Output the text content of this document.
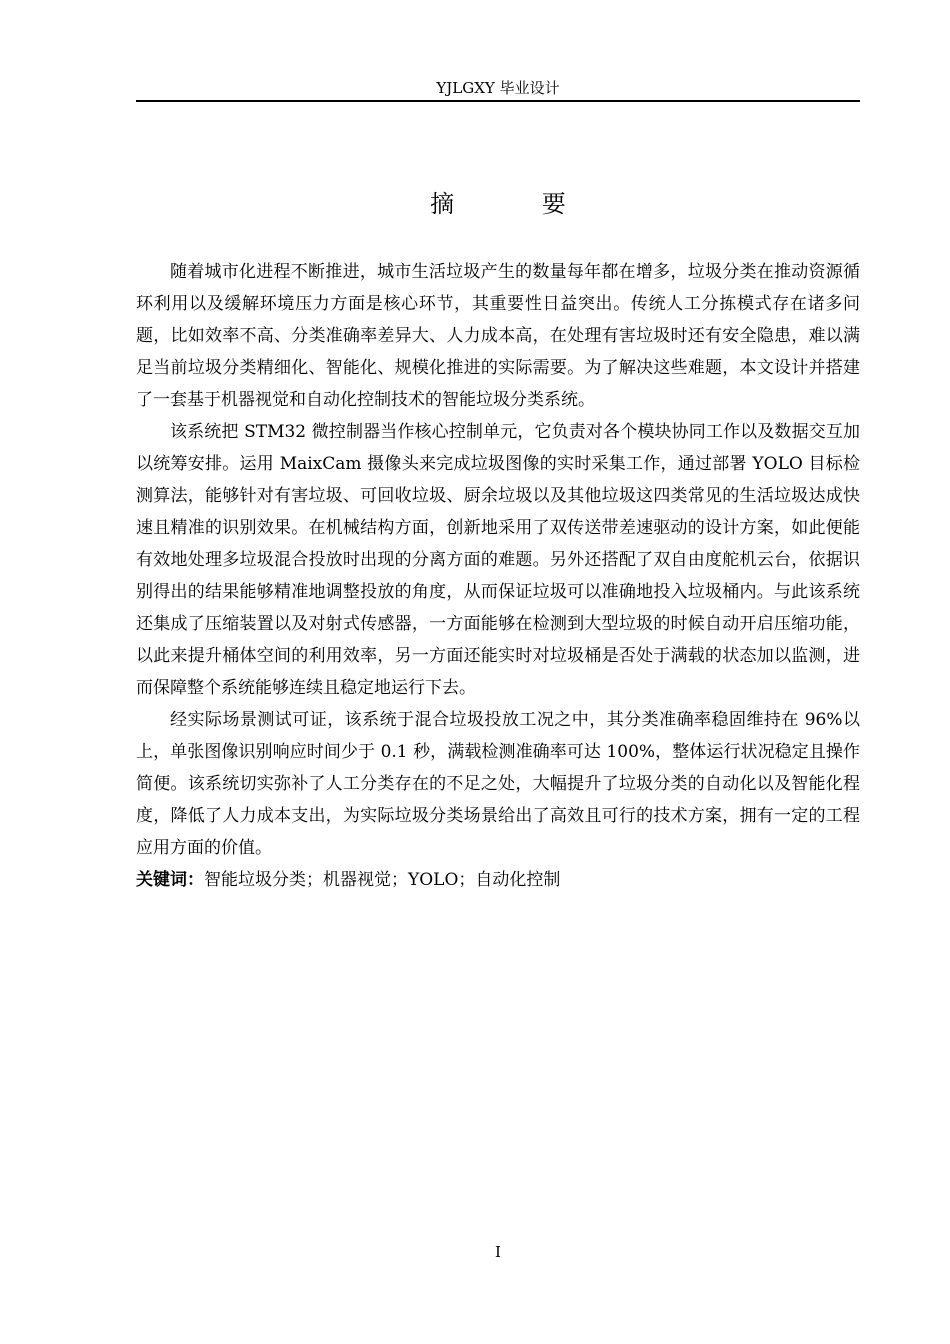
YJLGXY 毕业设计
摘 要

随着城市化进程不断推进，城市生活垃圾产生的数量每年都在增多，垃圾分类在推动资源循环利用以及缓解环境压力方面是核心环节，其重要性日益突出。传统人工分拣模式存在诸多问题，比如效率不高、分类准确率差异大、人力成本高，在处理有害垃圾时还有安全隐患，难以满足当前垃圾分类精细化、智能化、规模化推进的实际需要。为了解决这些难题，本文设计并搭建了一套基于机器视觉和自动化控制技术的智能垃圾分类系统。

该系统把 STM32 微控制器当作核心控制单元，它负责对各个模块协同工作以及数据交互加以统筹安排。运用 MaixCam 摄像头来完成垃圾图像的实时采集工作，通过部署 YOLO 目标检测算法，能够针对有害垃圾、可回收垃圾、厨余垃圾以及其他垃圾这四类常见的生活垃圾达成快速且精准的识别效果。在机械结构方面，创新地采用了双传送带差速驱动的设计方案，如此便能有效地处理多垃圾混合投放时出现的分离方面的难题。另外还搭配了双自由度舵机云台，依据识别得出的结果能够精准地调整投放的角度，从而保证垃圾可以准确地投入垃圾桶内。与此该系统还集成了压缩装置以及对射式传感器，一方面能够在检测到大型垃圾的时候自动开启压缩功能，以此来提升桶体空间的利用效率，另一方面还能实时对垃圾桶是否处于满载的状态加以监测，进而保障整个系统能够连续且稳定地运行下去。

经实际场景测试可证，该系统于混合垃圾投放工况之中，其分类准确率稳固维持在 96%以上，单张图像识别响应时间少于 0.1 秒，满载检测准确率可达 100%，整体运行状况稳定且操作简便。该系统切实弥补了人工分类存在的不足之处，大幅提升了垃圾分类的自动化以及智能化程度，降低了人力成本支出，为实际垃圾分类场景给出了高效且可行的技术方案，拥有一定的工程应用方面的价值。

关键词：智能垃圾分类；机器视觉；YOLO；自动化控制

I
